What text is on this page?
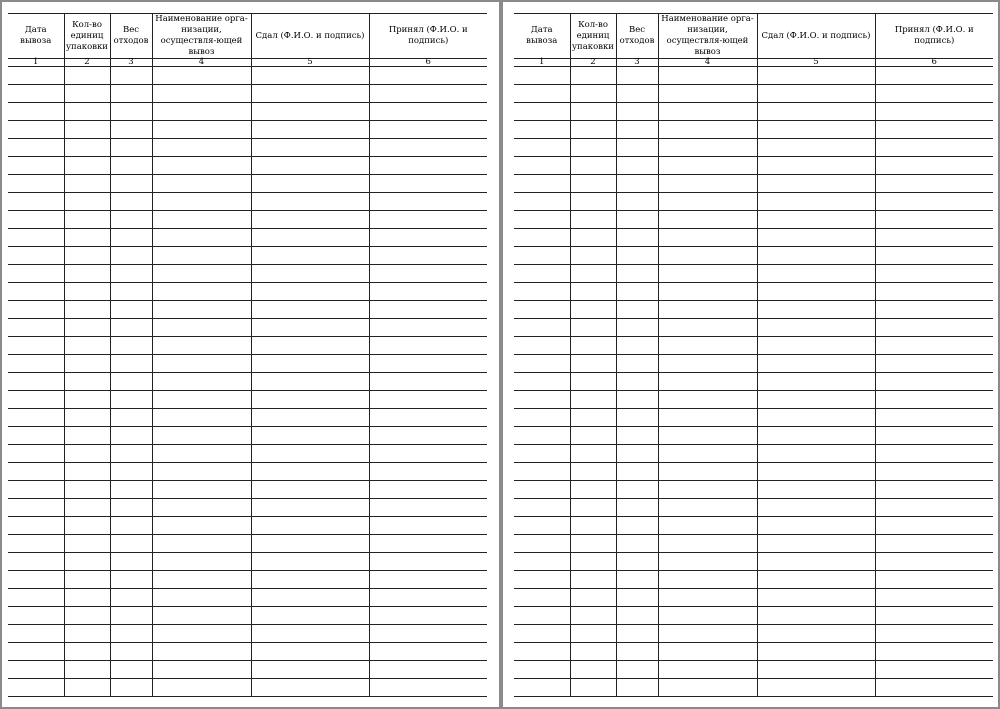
Дата вывоза	Кол-во единиц упаковки	Вес отходов	Наименование орга-низации, осуществля-ющей вывоз	Сдал (Ф.И.О. и подпись)	Принял (Ф.И.О. и подпись)
1	2	3	4	5	6

Дата вывоза	Кол-во единиц упаковки	Вес отходов	Наименование орга-низации, осуществля-ющей вывоз	Сдал (Ф.И.О. и подпись)	Принял (Ф.И.О. и подпись)
1	2	3	4	5	6
